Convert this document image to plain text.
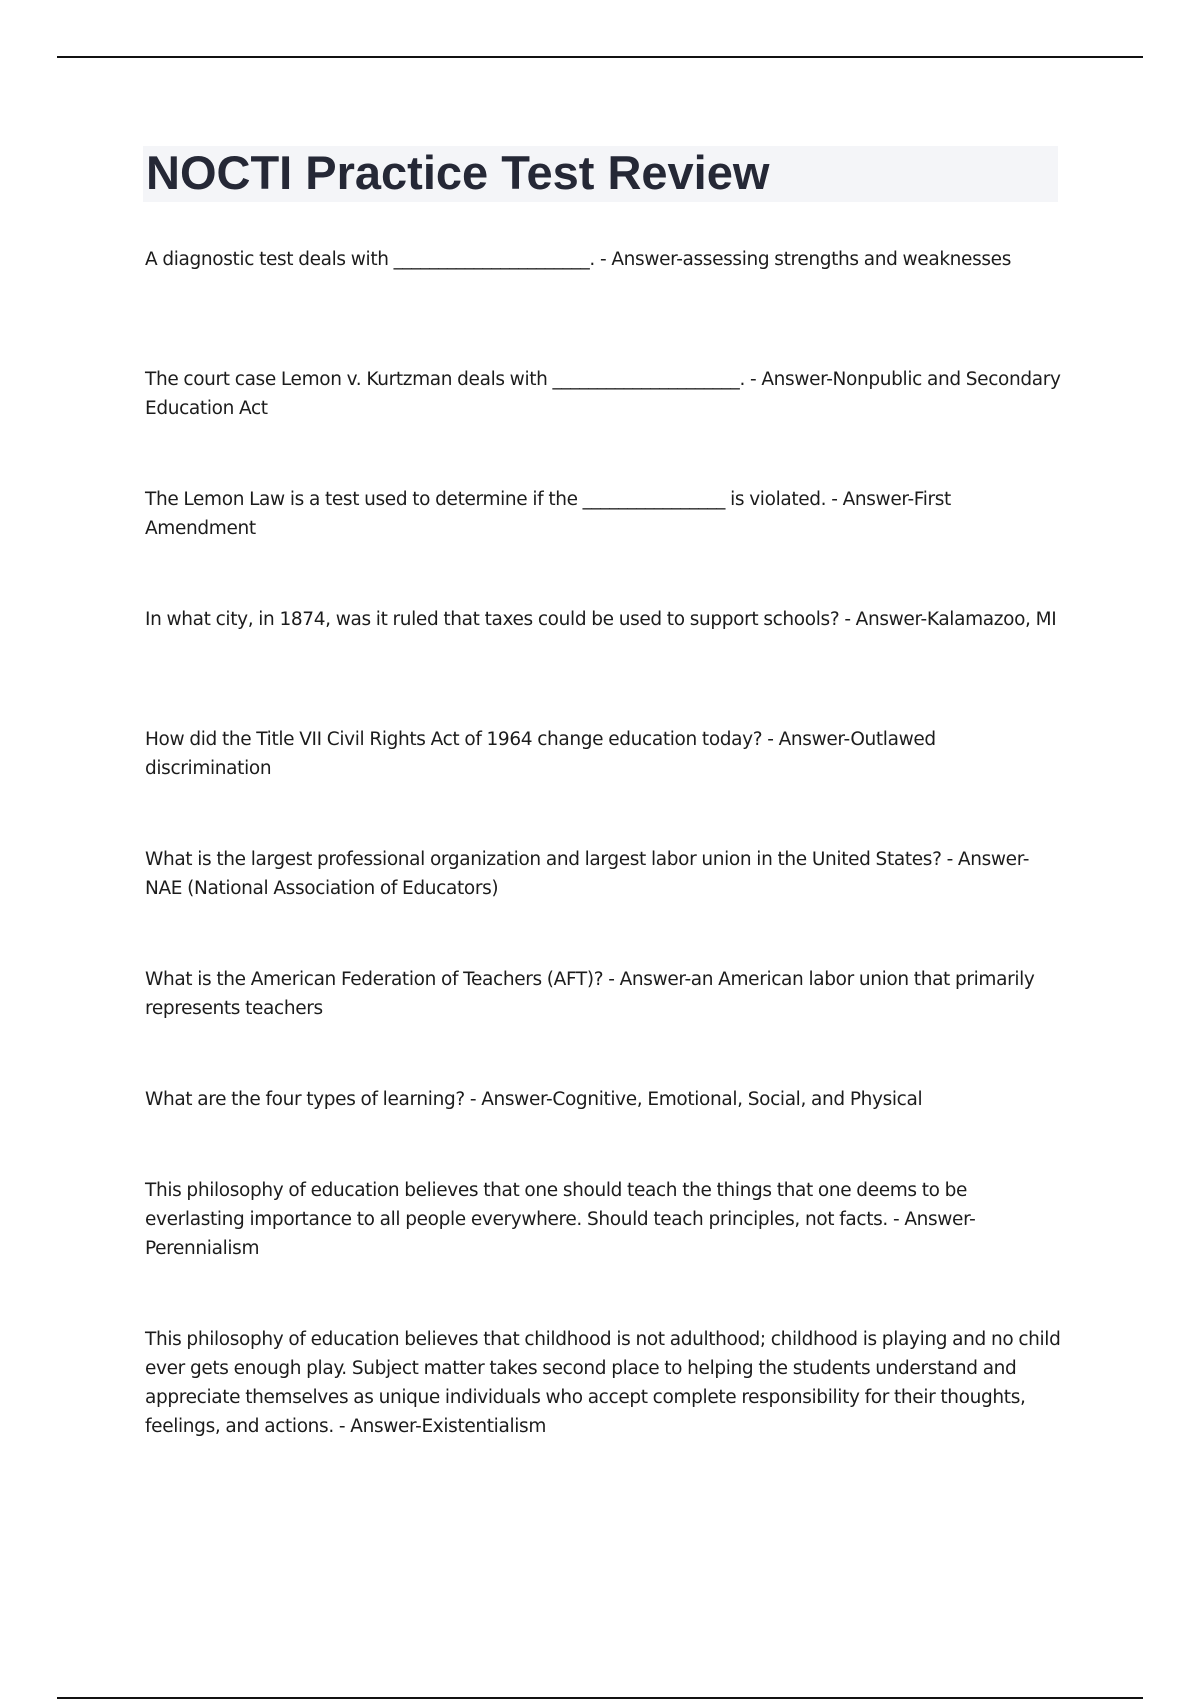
NOCTI Practice Test Review

A diagnostic test deals with ______________________. - Answer-assessing strengths and weaknesses

The court case Lemon v. Kurtzman deals with _____________________. - Answer-Nonpublic and Secondary Education Act

The Lemon Law is a test used to determine if the ________________ is violated. - Answer-First Amendment

In what city, in 1874, was it ruled that taxes could be used to support schools? - Answer-Kalamazoo, MI

How did the Title VII Civil Rights Act of 1964 change education today? - Answer-Outlawed discrimination

What is the largest professional organization and largest labor union in the United States? - Answer-NAE (National Association of Educators)

What is the American Federation of Teachers (AFT)? - Answer-an American labor union that primarily represents teachers

What are the four types of learning? - Answer-Cognitive, Emotional, Social, and Physical

This philosophy of education believes that one should teach the things that one deems to be everlasting importance to all people everywhere. Should teach principles, not facts. - Answer-Perennialism

This philosophy of education believes that childhood is not adulthood; childhood is playing and no child ever gets enough play. Subject matter takes second place to helping the students understand and appreciate themselves as unique individuals who accept complete responsibility for their thoughts, feelings, and actions. - Answer-Existentialism
